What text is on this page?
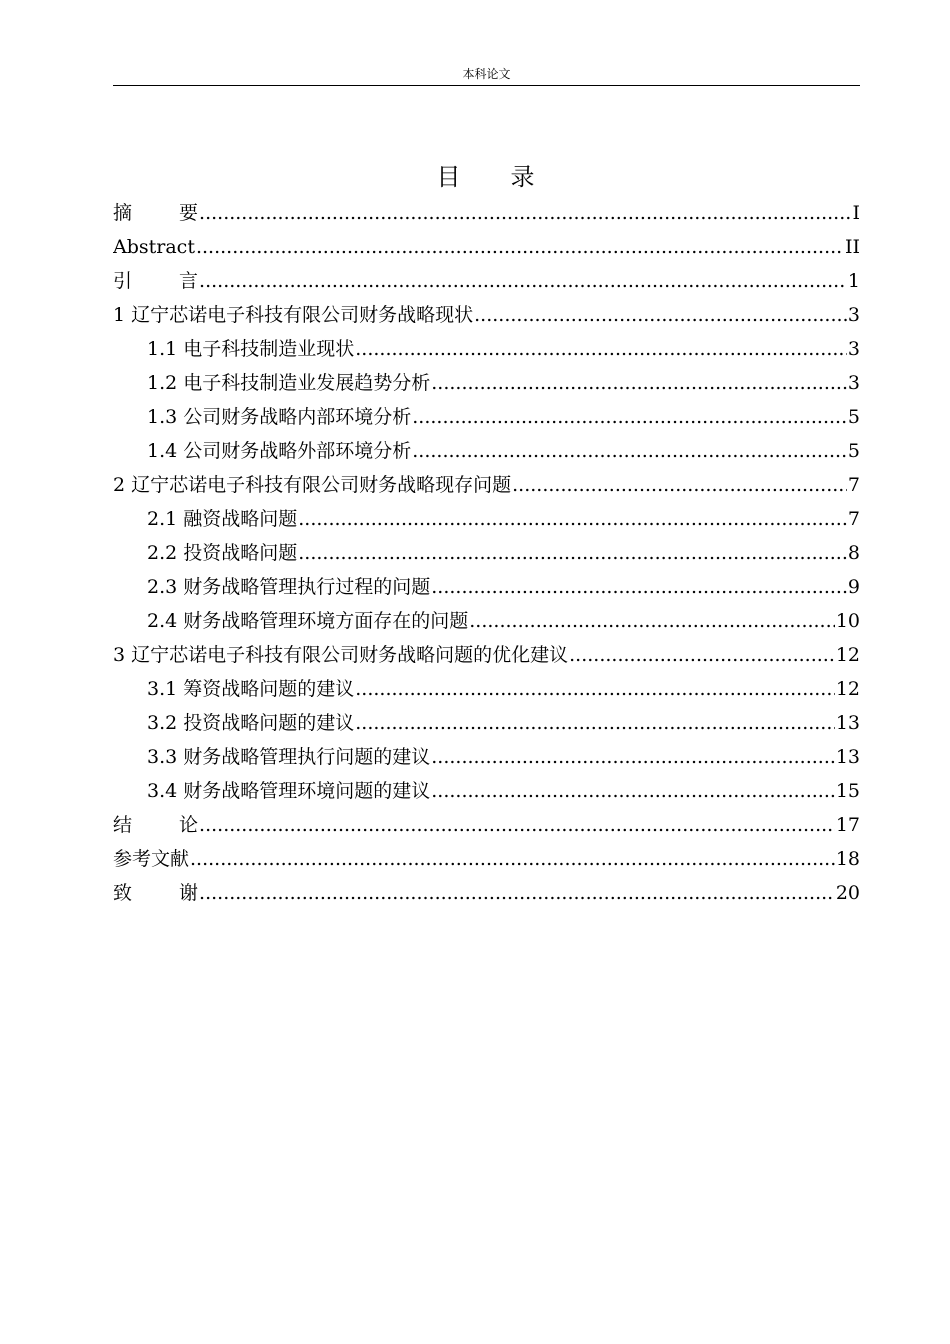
本科论文
目 录
摘 要 .....	I
Abstract .....	II
引 言 .....	1
1 辽宁芯诺电子科技有限公司财务战略现状 .....	3
1.1 电子科技制造业现状 .....	3
1.2 电子科技制造业发展趋势分析 .....	3
1.3 公司财务战略内部环境分析 .....	5
1.4 公司财务战略外部环境分析 .....	5
2 辽宁芯诺电子科技有限公司财务战略现存问题 .....	7
2.1 融资战略问题 .....	7
2.2 投资战略问题 .....	8
2.3 财务战略管理执行过程的问题 .....	9
2.4 财务战略管理环境方面存在的问题 .....	10
3 辽宁芯诺电子科技有限公司财务战略问题的优化建议 .....	12
3.1 筹资战略问题的建议 .....	12
3.2 投资战略问题的建议 .....	13
3.3 财务战略管理执行问题的建议 .....	13
3.4 财务战略管理环境问题的建议 .....	15
结 论 .....	17
参考文献 .....	18
致 谢 .....	20
